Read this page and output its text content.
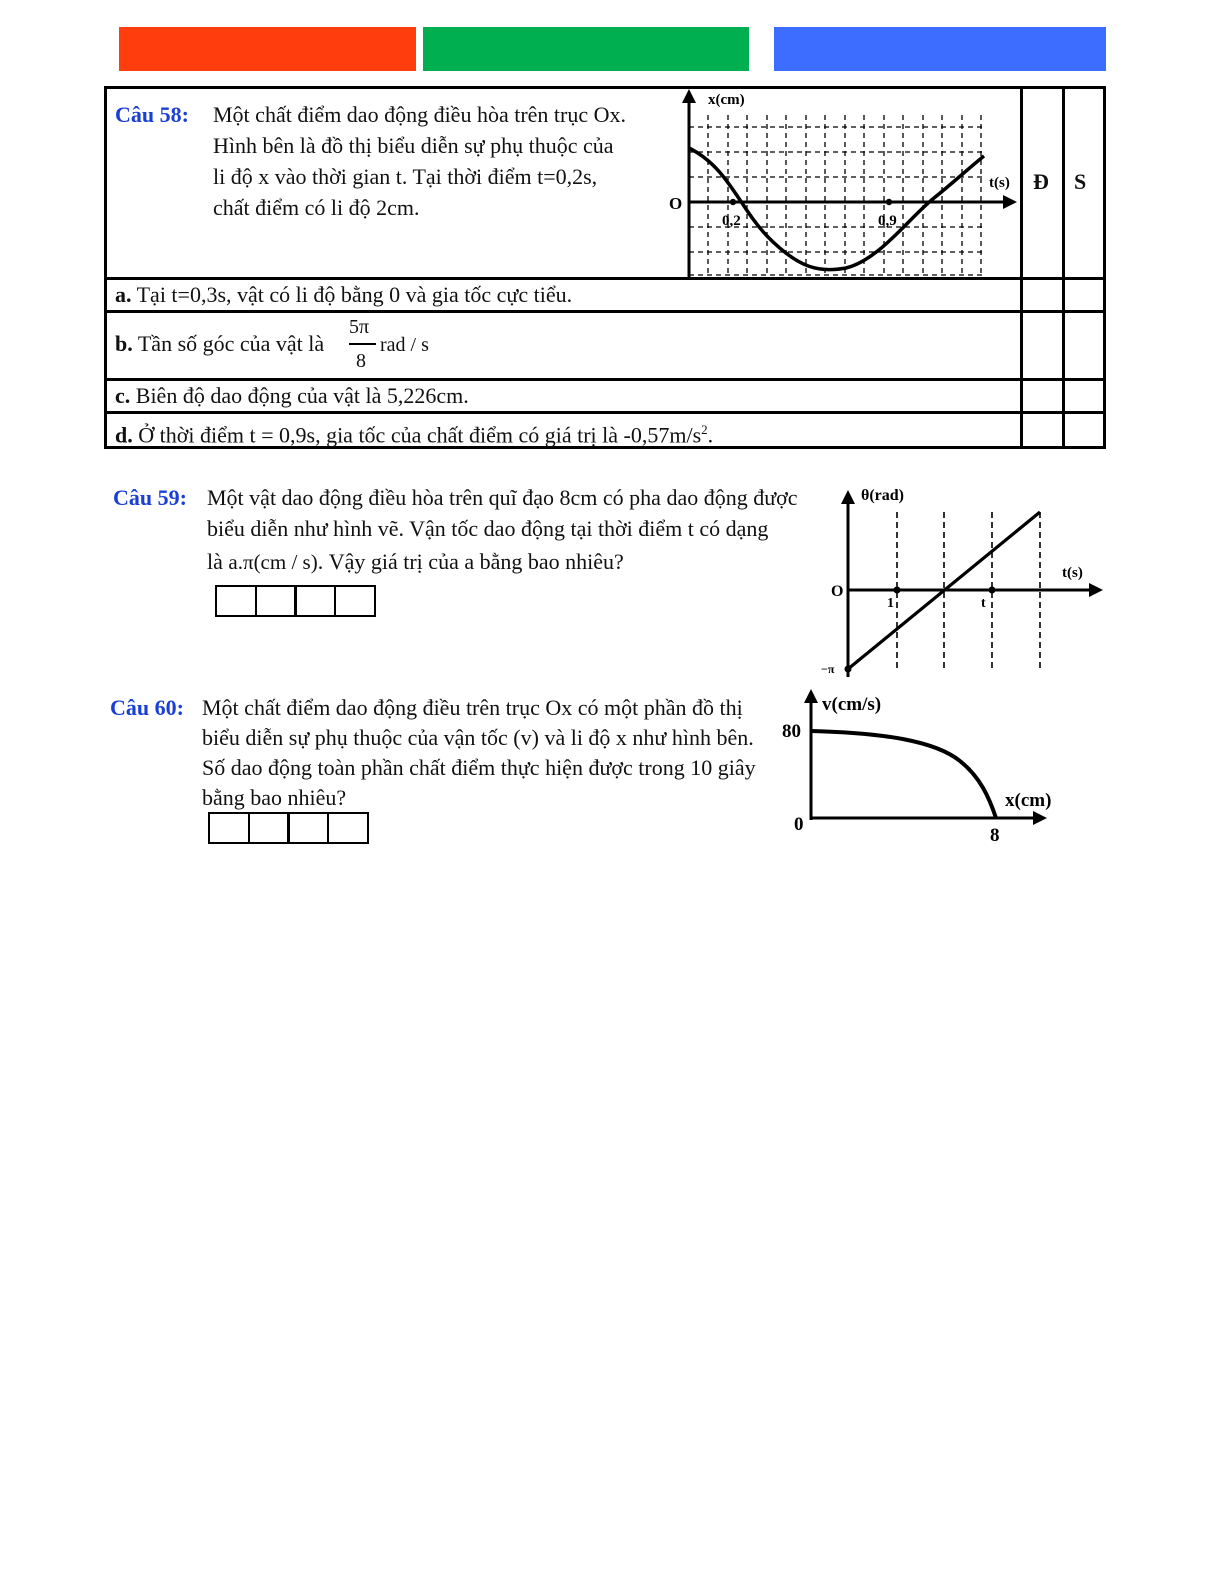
Câu 58: Một chất điểm dao động điều hòa trên trục Ox.
Hình bên là đồ thị biểu diễn sự phụ thuộc của
li độ x vào thời gian t. Tại thời điểm t=0,2s,
chất điểm có li độ 2cm.
Đ S
a. Tại t=0,3s, vật có li độ bằng 0 và gia tốc cực tiểu.
b. Tần số góc của vật là
5π
8
rad / s
c. Biên độ dao động của vật là 5,226cm.
d. Ở thời điểm t = 0,9s, gia tốc của chất điểm có giá trị là $-0,57m/s^2$.
x(cm)
t(s)
O
0,2	0,9
Câu 59: Một vật dao động điều hòa trên quĩ đạo 8cm có pha dao động được
biểu diễn như hình vẽ. Vận tốc dao động tại thời điểm t có dạng
là a.π(cm / s). Vậy giá trị của a bằng bao nhiêu?
θ(rad)
t(s)
O
1	t
−π
Câu 60: Một chất điểm dao động điều trên trục Ox có một phần đồ thị
biểu diễn sự phụ thuộc của vận tốc (v) và li độ x như hình bên.
Số dao động toàn phần chất điểm thực hiện được trong 10 giây
bằng bao nhiêu?
v(cm/s)
x(cm)
80
0
8
